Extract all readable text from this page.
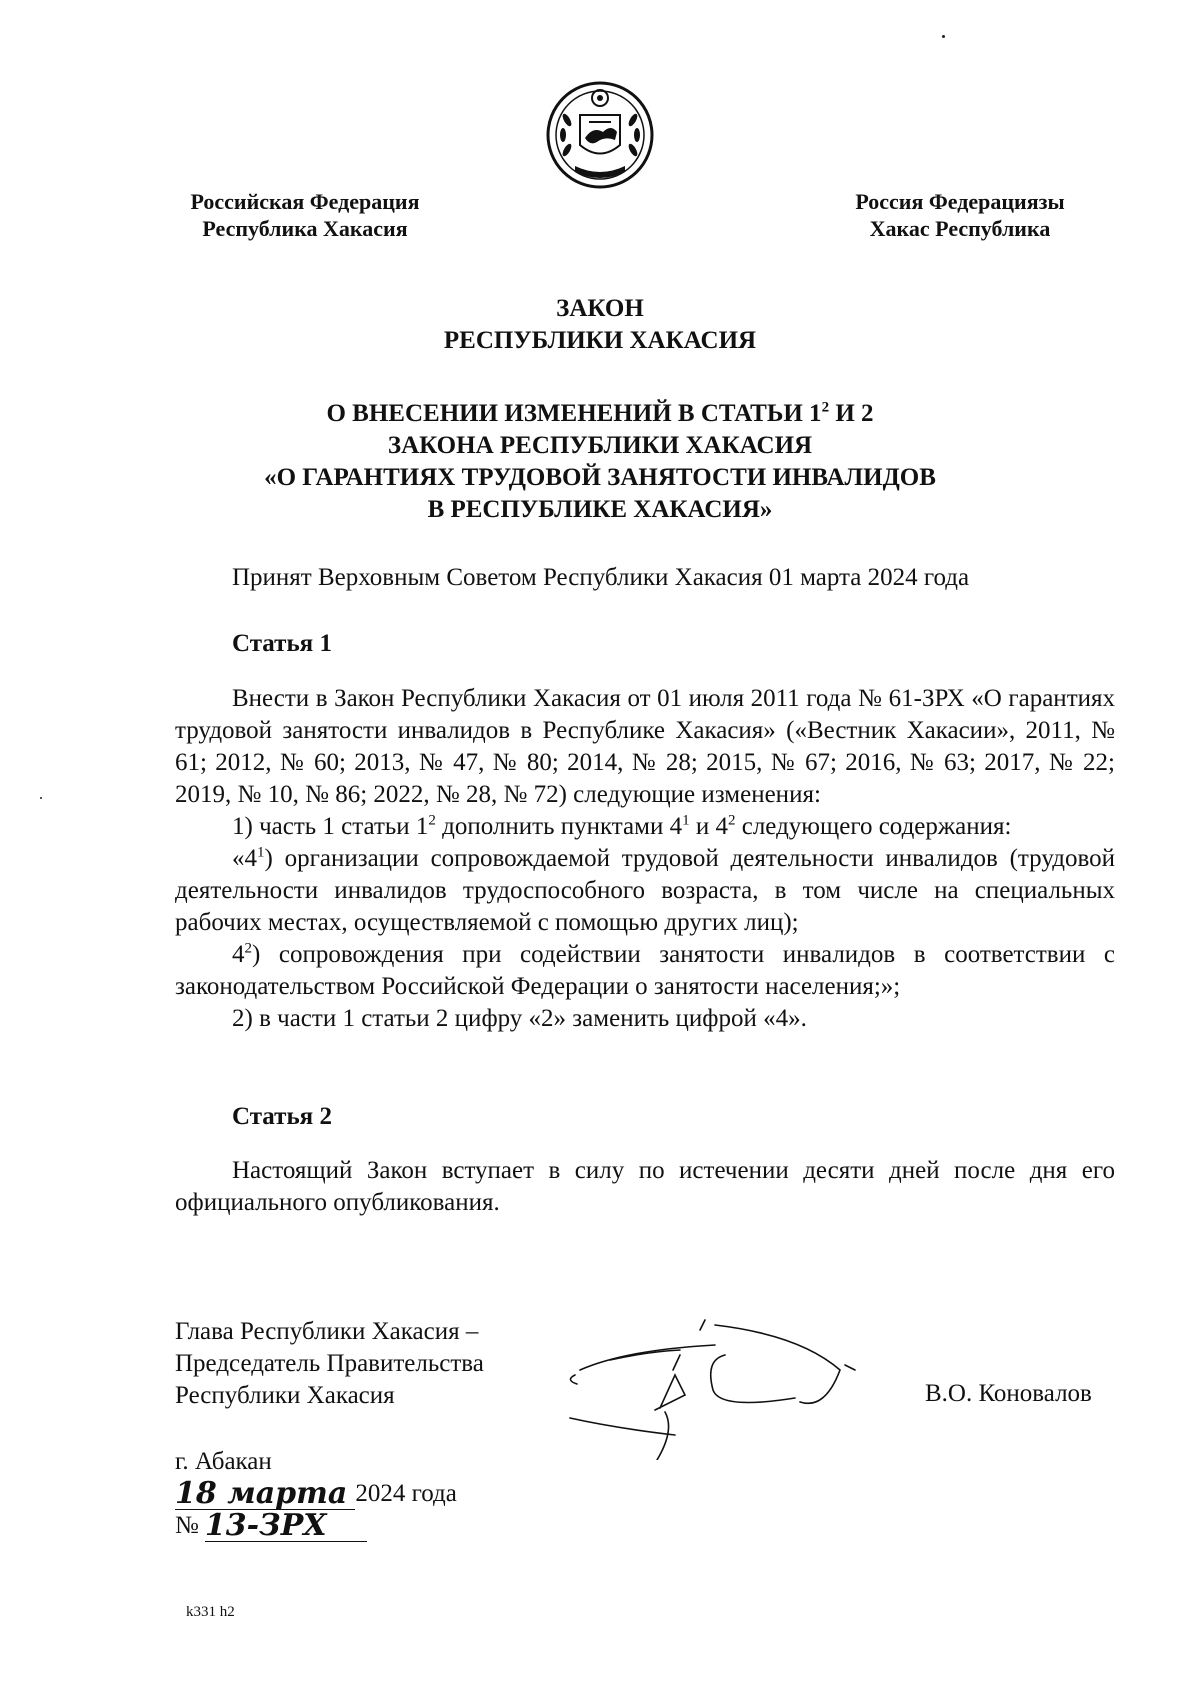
Российская Федерация
Республика Хакасия
Россия Федерациязы
Хакас Республика
ЗАКОН
РЕСПУБЛИКИ ХАКАСИЯ
О ВНЕСЕНИИ ИЗМЕНЕНИЙ В СТАТЬИ $1^2$ И 2
ЗАКОНА РЕСПУБЛИКИ ХАКАСИЯ
«О ГАРАНТИЯХ ТРУДОВОЙ ЗАНЯТОСТИ ИНВАЛИДОВ
В РЕСПУБЛИКЕ ХАКАСИЯ»
Принят Верховным Советом Республики Хакасия 01 марта 2024 года
Статья 1
Внести в Закон Республики Хакасия от 01 июля 2011 года № 61-ЗРХ «О гарантиях трудовой занятости инвалидов в Республике Хакасия» («Вестник Хакасии», 2011, № 61; 2012, № 60; 2013, № 47, № 80; 2014, № 28; 2015, № 67; 2016, № 63; 2017, № 22; 2019, № 10, № 86; 2022, № 28, № 72) следующие изменения:
1) часть 1 статьи $1^2$ дополнить пунктами $4^1$ и $4^2$ следующего содержания:
«$4^1$) организации сопровождаемой трудовой деятельности инвалидов (трудовой деятельности инвалидов трудоспособного возраста, в том числе на специальных рабочих местах, осуществляемой с помощью других лиц);
$4^2$) сопровождения при содействии занятости инвалидов в соответствии с законодательством Российской Федерации о занятости населения;»;
2) в части 1 статьи 2 цифру «2» заменить цифрой «4».
Статья 2
Настоящий Закон вступает в силу по истечении десяти дней после дня его официального опубликования.
Глава Республики Хакасия –
Председатель Правительства
Республики Хакасия	В.О. Коновалов
г. Абакан
18 марта 2024 года
№ 13-ЗРХ
k331 h2
